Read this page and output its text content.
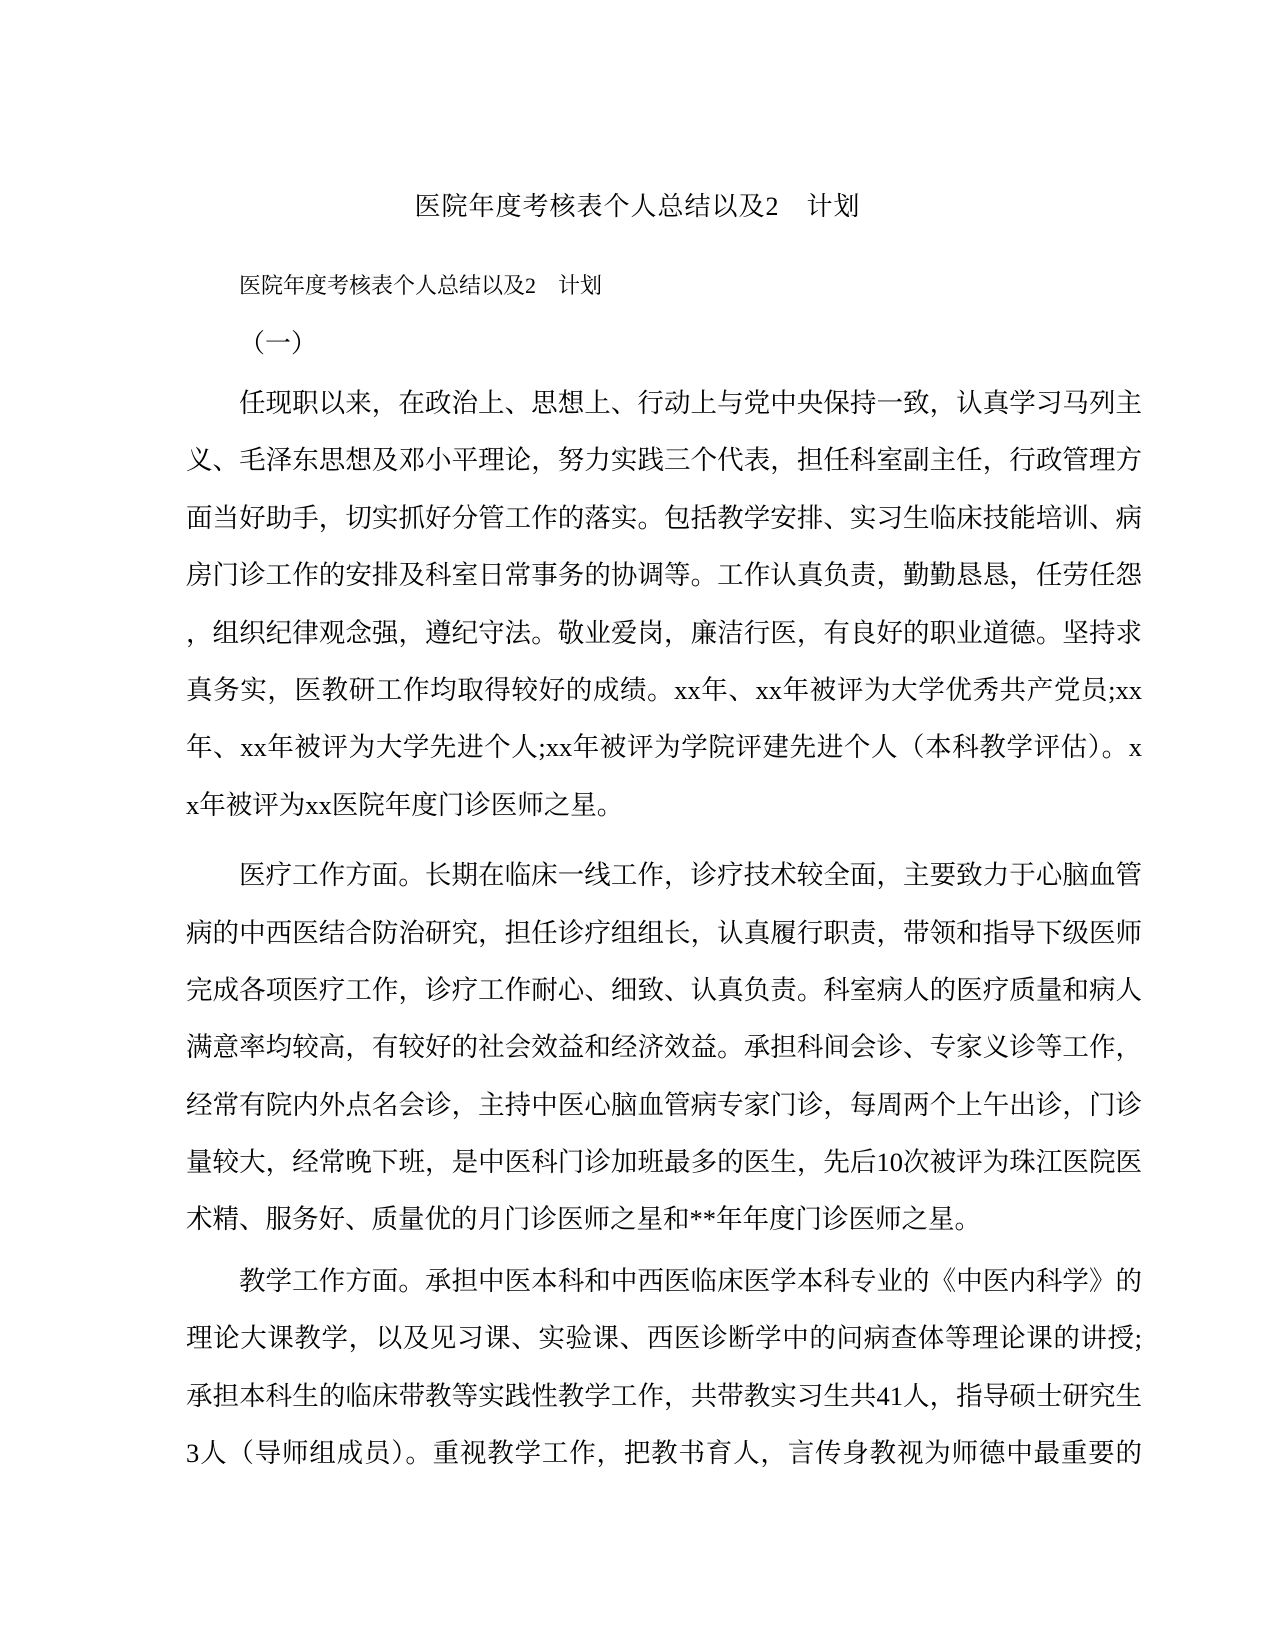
医院年度考核表个人总结以及2　计划

医院年度考核表个人总结以及2　计划

（一）

任现职以来，在政治上、思想上、行动上与党中央保持一致，认真学习马列主
义、毛泽东思想及邓小平理论，努力实践三个代表，担任科室副主任，行政管理方
面当好助手，切实抓好分管工作的落实。包括教学安排、实习生临床技能培训、病
房门诊工作的安排及科室日常事务的协调等。工作认真负责，勤勤恳恳，任劳任怨
，组织纪律观念强，遵纪守法。敬业爱岗，廉洁行医，有良好的职业道德。坚持求
真务实，医教研工作均取得较好的成绩。xx年、xx年被评为大学优秀共产党员;xx
年、xx年被评为大学先进个人;xx年被评为学院评建先进个人（本科教学评估）。x
x年被评为xx医院年度门诊医师之星。
医疗工作方面。长期在临床一线工作，诊疗技术较全面，主要致力于心脑血管
病的中西医结合防治研究，担任诊疗组组长，认真履行职责，带领和指导下级医师
完成各项医疗工作，诊疗工作耐心、细致、认真负责。科室病人的医疗质量和病人
满意率均较高，有较好的社会效益和经济效益。承担科间会诊、专家义诊等工作，
经常有院内外点名会诊，主持中医心脑血管病专家门诊，每周两个上午出诊，门诊
量较大，经常晚下班，是中医科门诊加班最多的医生，先后10次被评为珠江医院医
术精、服务好、质量优的月门诊医师之星和**年年度门诊医师之星。
教学工作方面。承担中医本科和中西医临床医学本科专业的《中医内科学》的
理论大课教学，以及见习课、实验课、西医诊断学中的问病查体等理论课的讲授;
承担本科生的临床带教等实践性教学工作，共带教实习生共41人，指导硕士研究生
3人（导师组成员）。重视教学工作，把教书育人，言传身教视为师德中最重要的
